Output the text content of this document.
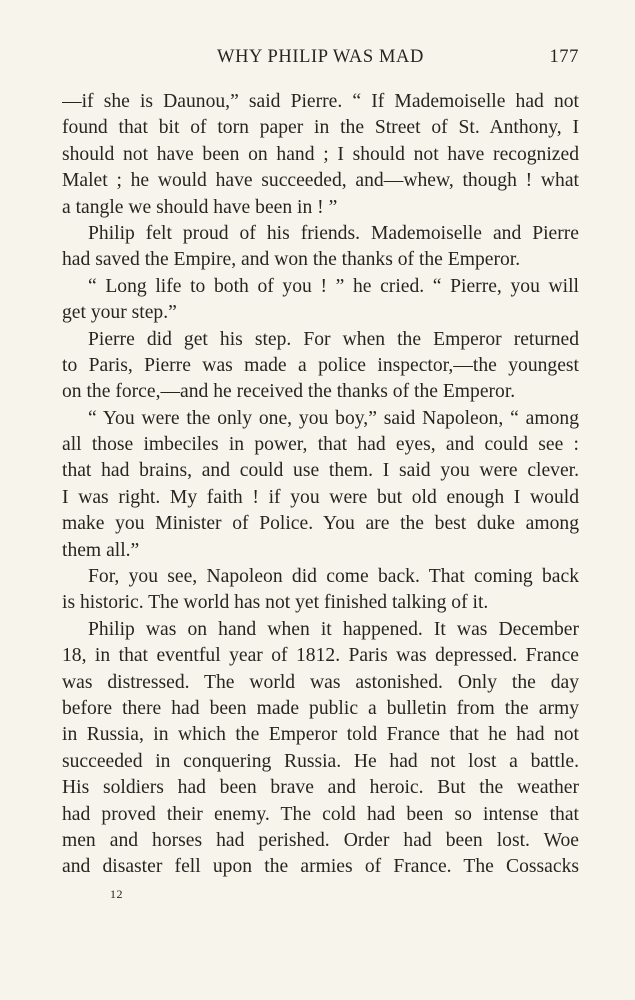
WHY PHILIP WAS MAD	177
—if she is Daunou,” said Pierre. “ If Mademoiselle had not
found that bit of torn paper in the Street of St. Anthony, I
should not have been on hand ; I should not have recognized
Malet ; he would have succeeded, and—whew, though ! what
a tangle we should have been in ! ”
Philip felt proud of his friends. Mademoiselle and Pierre
had saved the Empire, and won the thanks of the Emperor.
“ Long life to both of you ! ” he cried. “ Pierre, you will
get your step.”
Pierre did get his step. For when the Emperor returned
to Paris, Pierre was made a police inspector,—the youngest
on the force,—and he received the thanks of the Emperor.
“ You were the only one, you boy,” said Napoleon, “ among
all those imbeciles in power, that had eyes, and could see :
that had brains, and could use them. I said you were clever.
I was right. My faith ! if you were but old enough I would
make you Minister of Police. You are the best duke among
them all.”
For, you see, Napoleon did come back. That coming back
is historic. The world has not yet finished talking of it.
Philip was on hand when it happened. It was December
18, in that eventful year of 1812. Paris was depressed. France
was distressed. The world was astonished. Only the day
before there had been made public a bulletin from the army
in Russia, in which the Emperor told France that he had not
succeeded in conquering Russia. He had not lost a battle.
His soldiers had been brave and heroic. But the weather
had proved their enemy. The cold had been so intense that
men and horses had perished. Order had been lost. Woe
and disaster fell upon the armies of France. The Cossacks
12
